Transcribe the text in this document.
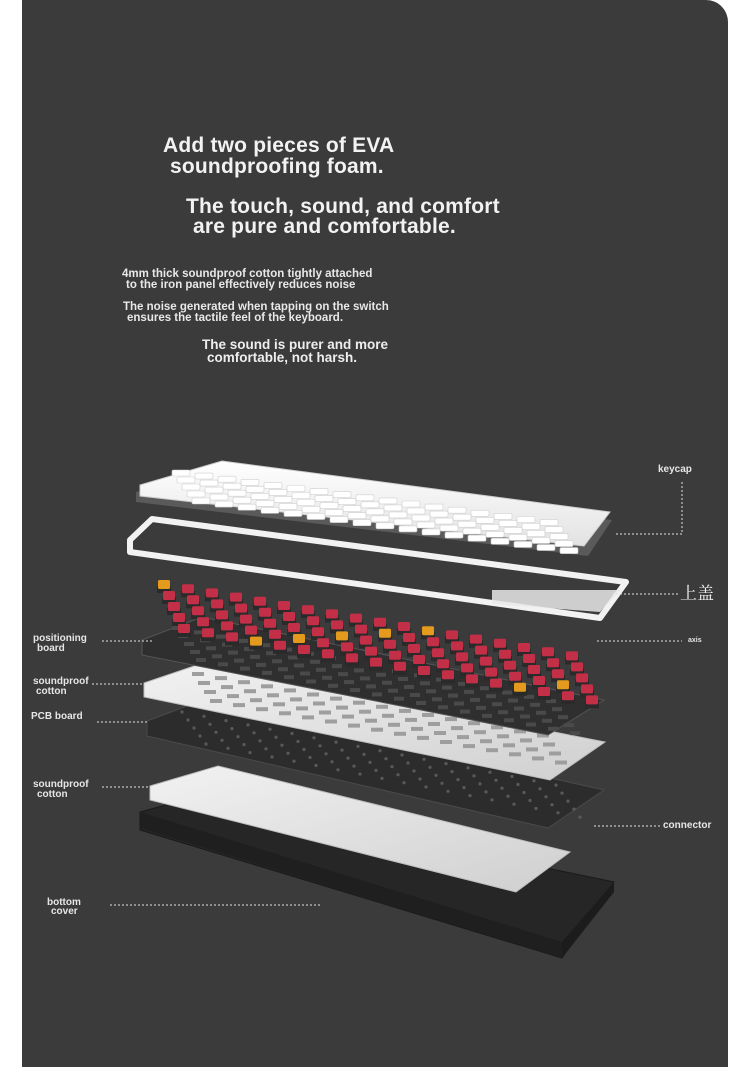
Add two pieces of EVA
soundproofing foam.
The touch, sound, and comfort
are pure and comfortable.
4mm thick soundproof cotton tightly attached
to the iron panel effectively reduces noise
The noise generated when tapping on the switch
ensures the tactile feel of the keyboard.
The sound is purer and more
comfortable, not harsh.
keycap
上盖
axis
positioning
board
soundproof
cotton
PCB board
soundproof
cotton
connector
bottom
cover
